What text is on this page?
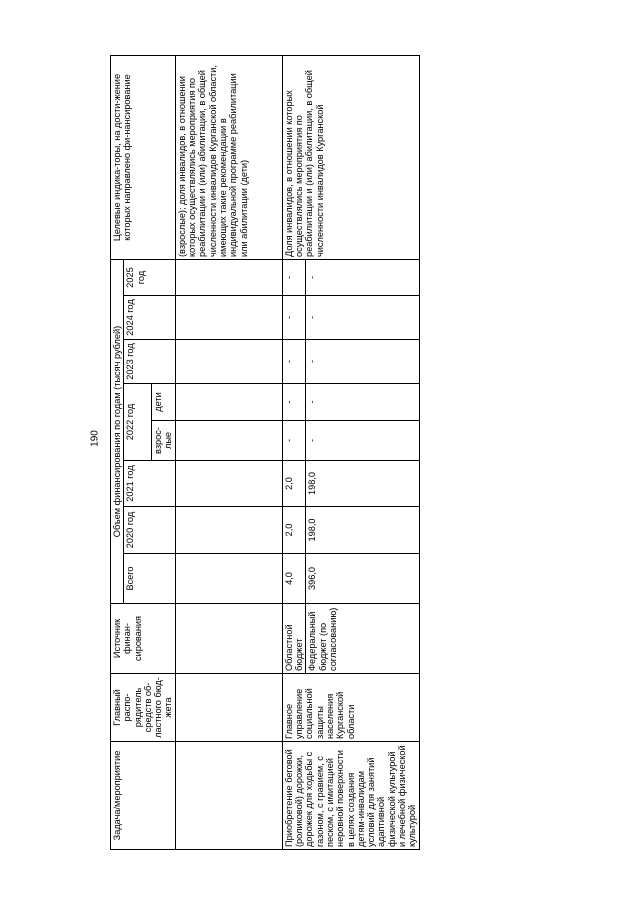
190
Задача/мероприятие	Главный распо-рядитель средств об-ластного бюд-жета	Источник финан-сирования	Объем финансирования по годам (тысяч рублей)								Целевые индика-торы, на дости-жение которых направлено фи-нансирование
			Всего	2020 год	2021 год	2022 год		2023 год	2024 год	2025 год	
						взрос-лые	дети				
											(взрослые); доля инвалидов, в отношении которых осуществлялись мероприятия по реабилитации и (или) абилитации, в общей численности инвалидов Курганской области, имеющих такие рекомендации в индивидуальной программе реабилитации или абилитации (дети)
Приобретение беговой (роликовой) дорожки, дорожек для ходьбы с газоном, с гравием, с песком, с имитацией неровной поверхности в целях создания детям-инвалидам условий для занятий адаптивной физической культурой и лечебной физической культурой	Главное управление социальной защиты населения Курганской области	Областной бюджет	4,0	2,0	2,0	-	-	-	-	-	Доля инвалидов, в отношении которых осуществлялись мероприятия по реабилитации и (или) абилитации, в общей численности инвалидов Курганской
		Федеральный бюджет (по согласованию)	396,0	198,0	198,0	-	-	-	-	-	
